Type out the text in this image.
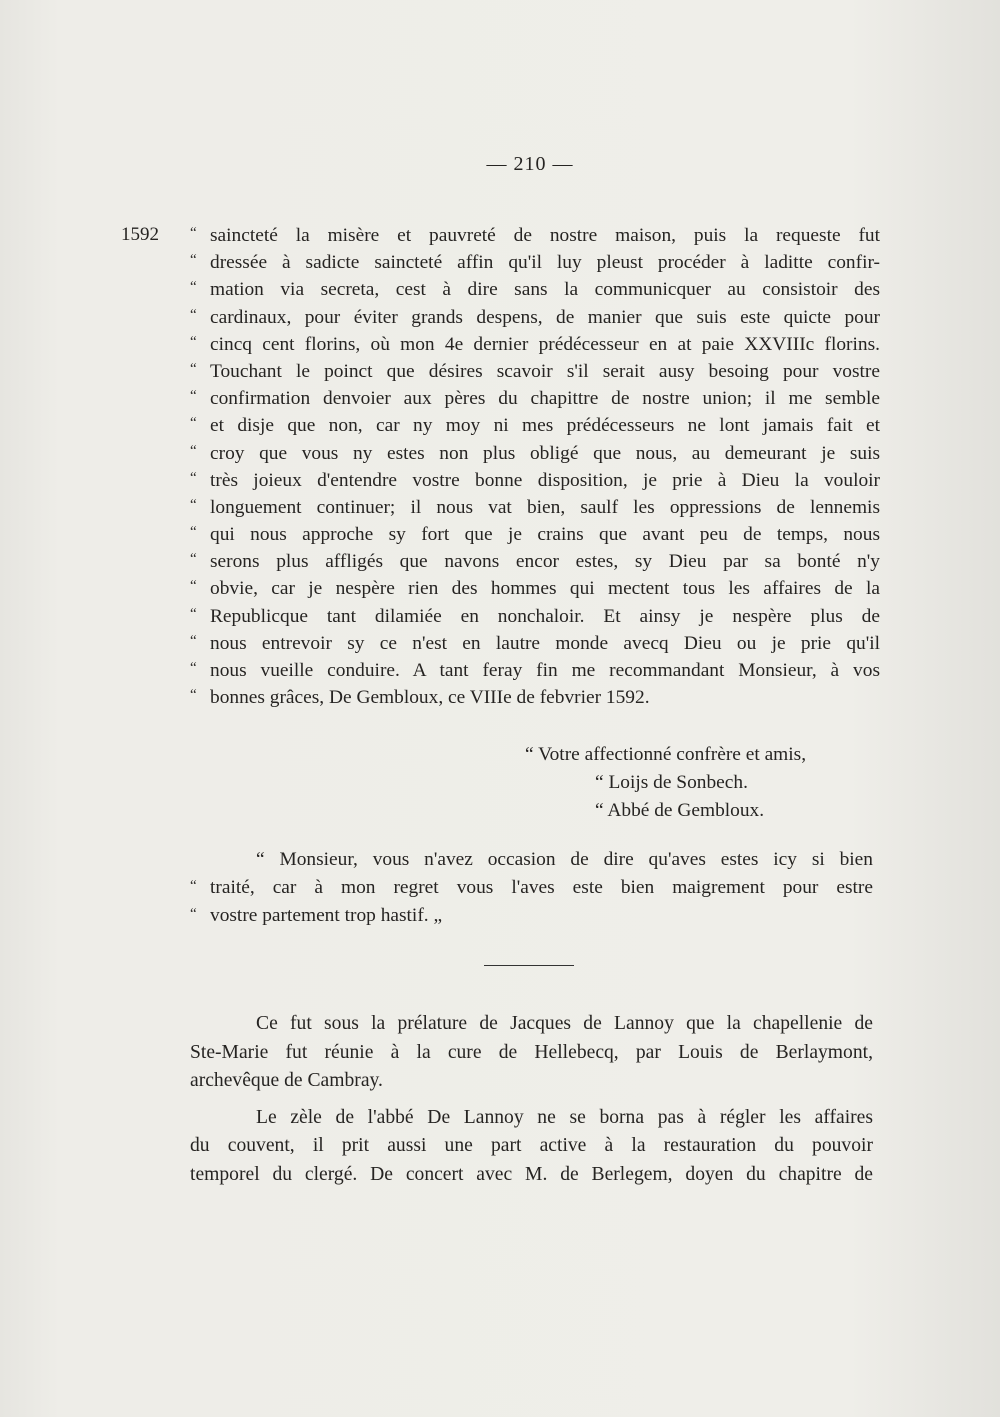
— 210 —
1592 “ sainctеté la misère et pauvreté de nostre maison, puis la requeste fut
“ dressée à sadicte sainctеté affin qu'il luy pleust procéder à laditte confir-
“ mation via secreta, cest à dire sans la communicquer au consistoir des
“ cardinaux, pour éviter grands despens, de manier que suis este quicte pour
“ cincq cent florins, où mon 4e dernier prédécesseur en at paie XXVIIIc florins.
“ Touchant le poinct que désires scavoir s'il serait ausy besoing pour vostre
“ confirmation denvoier aux pères du chapittre de nostre union; il me semble
“ et disje que non, car ny moy ni mes prédécesseurs ne lont jamais fait et
“ croy que vous ny estes non plus obligé que nous, au demeurant je suis
“ très joieux d'entendre vostre bonne disposition, je prie à Dieu la vouloir
“ longuement continuer; il nous vat bien, saulf les oppressions de lennemis
“ qui nous approche sy fort que je crains que avant peu de temps, nous
“ serons plus affligés que navons encor estes, sy Dieu par sa bonté n'y
“ obvie, car je nespère rien des hommes qui mectent tous les affaires de la
“ Republicque tant dilamiée en nonchaloir. Et ainsy je nespère plus de
“ nous entrevoir sy ce n'est en lautre monde avecq Dieu ou je prie qu'il
“ nous vueille conduire. A tant feray fin me recommandant Monsieur, à vos
“ bonnes grâces, De Gembloux, ce VIIIe de febvrier 1592.
“ Votre affectionné confrère et amis,
“ Loijs de Sonbech.
“ Abbé de Gembloux.
“ Monsieur, vous n'avez occasion de dire qu'aves estes icy si bien
“ traité, car à mon regret vous l'aves este bien maigrement pour estre
“ vostre partement trop hastif. „
Ce fut sous la prélature de Jacques de Lannoy que la chapellenie de
Ste-Marie fut réunie à la cure de Hellebecq, par Louis de Berlaymont,
archevêque de Cambray.
Le zèle de l'abbé De Lannoy ne se borna pas à régler les affaires
du couvent, il prit aussi une part active à la restauration du pouvoir
temporel du clergé. De concert avec M. de Berlegem, doyen du chapitre de
